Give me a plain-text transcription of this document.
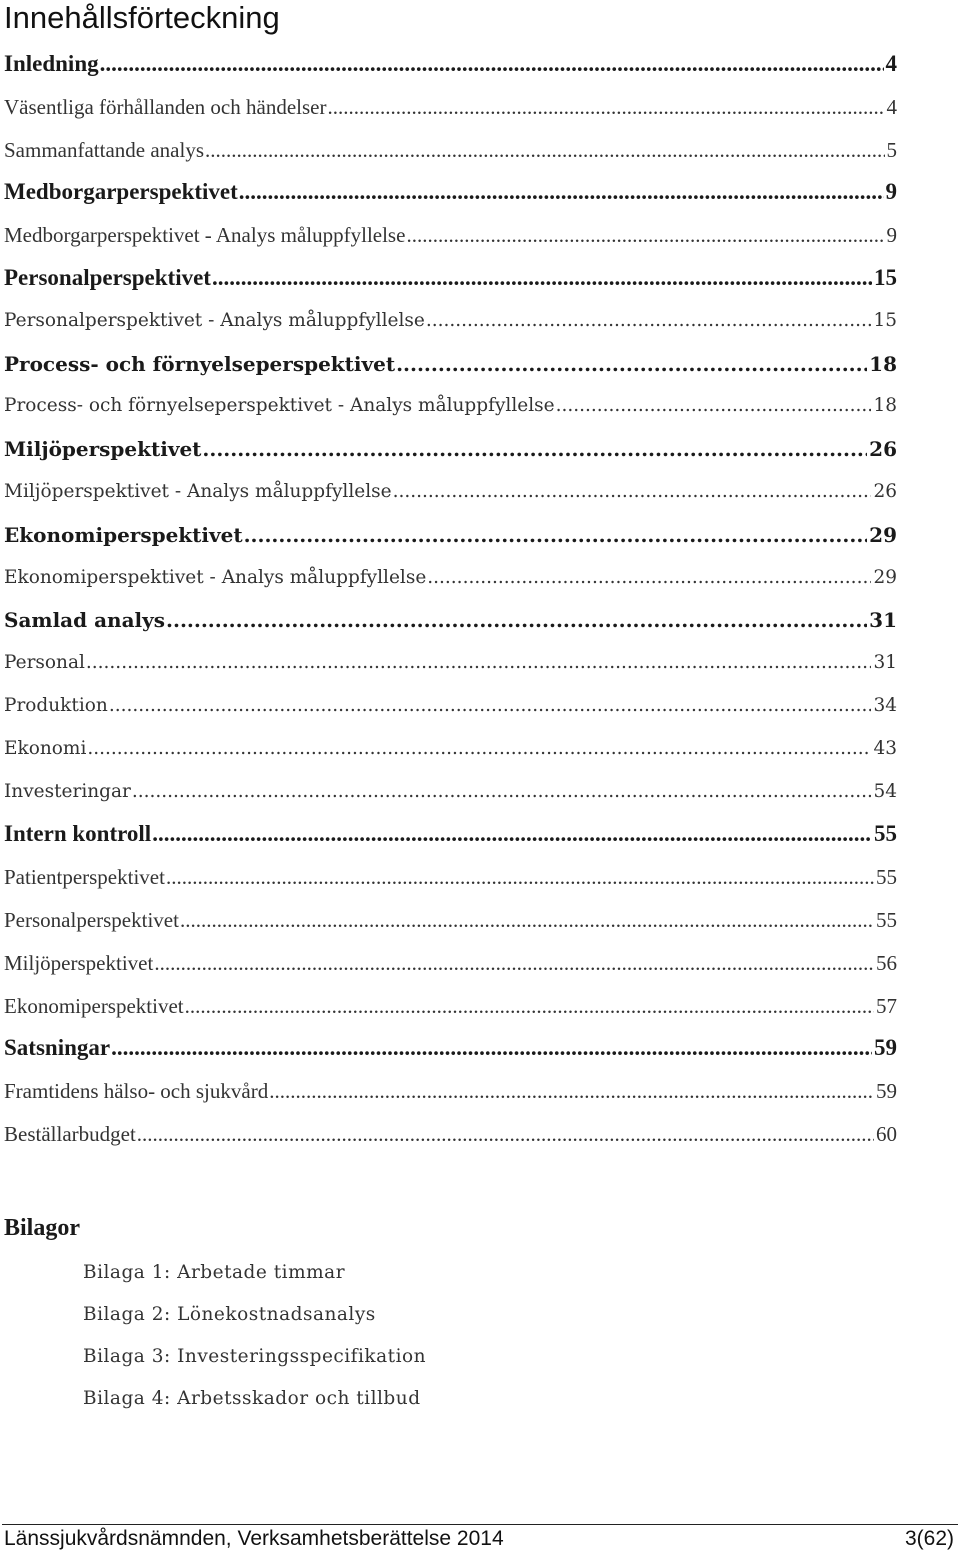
Innehållsförteckning
Inledning .....	4
Väsentliga förhållanden och händelser .....	4
Sammanfattande analys .....	5
Medborgarperspektivet .....	9
Medborgarperspektivet - Analys måluppfyllelse .....	9
Personalperspektivet .....	15
Personalperspektivet - Analys måluppfyllelse .....	15
Process- och förnyelseperspektivet .....	18
Process- och förnyelseperspektivet - Analys måluppfyllelse .....	18
Miljöperspektivet .....	26
Miljöperspektivet - Analys måluppfyllelse .....	26
Ekonomiperspektivet .....	29
Ekonomiperspektivet - Analys måluppfyllelse .....	29
Samlad analys .....	31
Personal .....	31
Produktion .....	34
Ekonomi .....	43
Investeringar .....	54
Intern kontroll .....	55
Patientperspektivet .....	55
Personalperspektivet .....	55
Miljöperspektivet .....	56
Ekonomiperspektivet .....	57
Satsningar .....	59
Framtidens hälso- och sjukvård .....	59
Beställarbudget .....	60
Bilagor
Bilaga 1: Arbetade timmar
Bilaga 2: Lönekostnadsanalys
Bilaga 3: Investeringsspecifikation
Bilaga 4: Arbetsskador och tillbud
Länssjukvårdsnämnden, Verksamhetsberättelse 2014	3(62)
